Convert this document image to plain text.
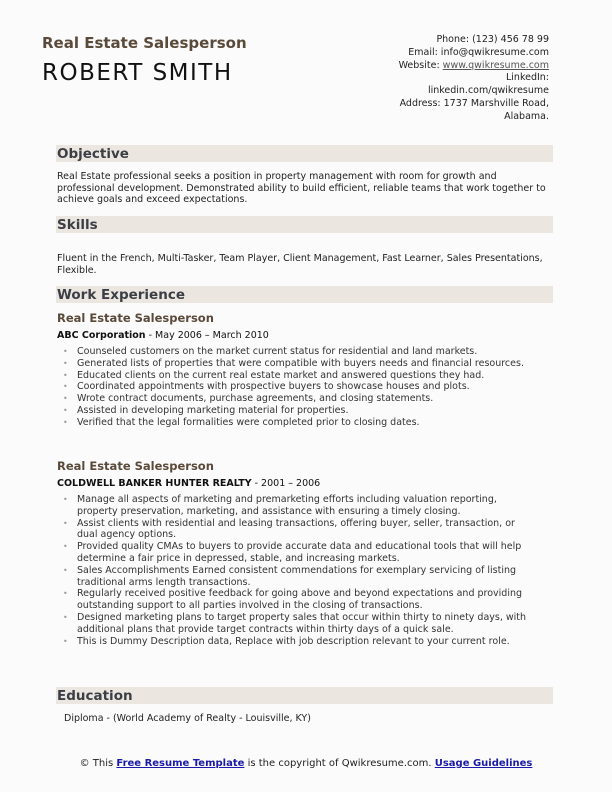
Real Estate Salesperson
ROBERT SMITH
Phone: (123) 456 78 99
Email: info@qwikresume.com
Website: www.qwikresume.com
LinkedIn:
linkedin.com/qwikresume
Address: 1737 Marshville Road,
Alabama.
Objective
Real Estate professional seeks a position in property management with room for growth and professional development. Demonstrated ability to build efficient, reliable teams that work together to achieve goals and exceed expectations.
Skills
Fluent in the French, Multi-Tasker, Team Player, Client Management, Fast Learner, Sales Presentations, Flexible.
Work Experience
Real Estate Salesperson
ABC Corporation - May 2006 – March 2010
• Counseled customers on the market current status for residential and land markets.
• Generated lists of properties that were compatible with buyers needs and financial resources.
• Educated clients on the current real estate market and answered questions they had.
• Coordinated appointments with prospective buyers to showcase houses and plots.
• Wrote contract documents, purchase agreements, and closing statements.
• Assisted in developing marketing material for properties.
• Verified that the legal formalities were completed prior to closing dates.
Real Estate Salesperson
COLDWELL BANKER HUNTER REALTY - 2001 – 2006
• Manage all aspects of marketing and premarketing efforts including valuation reporting, property preservation, marketing, and assistance with ensuring a timely closing.
• Assist clients with residential and leasing transactions, offering buyer, seller, transaction, or dual agency options.
• Provided quality CMAs to buyers to provide accurate data and educational tools that will help determine a fair price in depressed, stable, and increasing markets.
• Sales Accomplishments Earned consistent commendations for exemplary servicing of listing traditional arms length transactions.
• Regularly received positive feedback for going above and beyond expectations and providing outstanding support to all parties involved in the closing of transactions.
• Designed marketing plans to target property sales that occur within thirty to ninety days, with additional plans that provide target contracts within thirty days of a quick sale.
• This is Dummy Description data, Replace with job description relevant to your current role.
Education
Diploma - (World Academy of Realty - Louisville, KY)
© This Free Resume Template is the copyright of Qwikresume.com. Usage Guidelines
